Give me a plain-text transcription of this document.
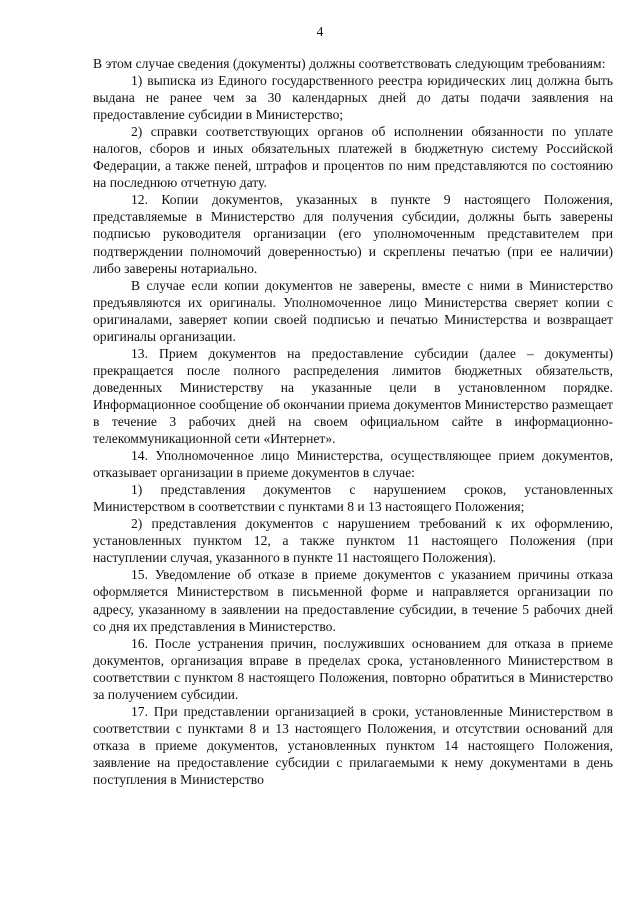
4

В этом случае сведения (документы) должны соответствовать следующим требованиям:

1) выписка из Единого государственного реестра юридических лиц должна быть выдана не ранее чем за 30 календарных дней до даты подачи заявления на предоставление субсидии в Министерство;

2) справки соответствующих органов об исполнении обязанности по уплате налогов, сборов и иных обязательных платежей в бюджетную систему Российской Федерации, а также пеней, штрафов и процентов по ним представляются по состоянию на последнюю отчетную дату.

12. Копии документов, указанных в пункте 9 настоящего Положения, представляемые в Министерство для получения субсидии, должны быть заверены подписью руководителя организации (его уполномоченным представителем при подтверждении полномочий доверенностью) и скреплены печатью (при ее наличии) либо заверены нотариально.

В случае если копии документов не заверены, вместе с ними в Министерство предъявляются их оригиналы. Уполномоченное лицо Министерства сверяет копии с оригиналами, заверяет копии своей подписью и печатью Министерства и возвращает оригиналы организации.

13. Прием документов на предоставление субсидии (далее – документы) прекращается после полного распределения лимитов бюджетных обязательств, доведенных Министерству на указанные цели в установленном порядке. Информационное сообщение об окончании приема документов Министерство размещает в течение 3 рабочих дней на своем официальном сайте в информационно-телекоммуникационной сети «Интернет».

14. Уполномоченное лицо Министерства, осуществляющее прием документов, отказывает организации в приеме документов в случае:

1) представления документов с нарушением сроков, установленных Министерством в соответствии с пунктами 8 и 13 настоящего Положения;

2) представления документов с нарушением требований к их оформлению, установленных пунктом 12, а также пунктом 11 настоящего Положения (при наступлении случая, указанного в пункте 11 настоящего Положения).

15. Уведомление об отказе в приеме документов с указанием причины отказа оформляется Министерством в письменной форме и направляется организации по адресу, указанному в заявлении на предоставление субсидии, в течение 5 рабочих дней со дня их представления в Министерство.

16. После устранения причин, послуживших основанием для отказа в приеме документов, организация вправе в пределах срока, установленного Министерством в соответствии с пунктом 8 настоящего Положения, повторно обратиться в Министерство за получением субсидии.

17. При представлении организацией в сроки, установленные Министерством в соответствии с пунктами 8 и 13 настоящего Положения, и отсутствии оснований для отказа в приеме документов, установленных пунктом 14 настоящего Положения, заявление на предоставление субсидии с прилагаемыми к нему документами в день поступления в Министерство
